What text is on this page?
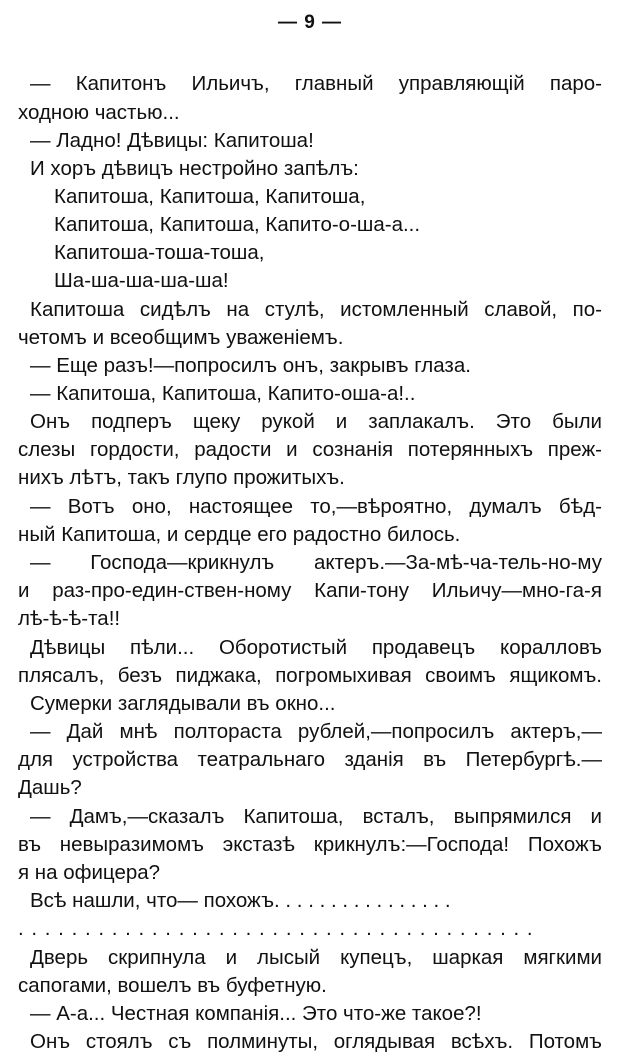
— 9 —
— Капитонъ Ильичъ, главный управляющій паро-
ходною частью...
— Ладно! Дѣвицы: Капитоша!
И хоръ дѣвицъ нестройно запѣлъ:
Капитоша, Капитоша, Капитоша,
Капитоша, Капитоша, Капито-о-ша-а...
Капитоша-тоша-тоша,
Ша-ша-ша-ша-ша!
Капитоша сидѣлъ на стулѣ, истомленный славой, по-
четомъ и всеобщимъ уваженіемъ.
— Еще разъ!—попросилъ онъ, закрывъ глаза.
— Капитоша, Капитоша, Капито-оша-а!..
Онъ подперъ щеку рукой и заплакалъ. Это были
слезы гордости, радости и сознанія потерянныхъ преж-
нихъ лѣтъ, такъ глупо прожитыхъ.
— Вотъ оно, настоящее то,—вѣроятно, думалъ бѣд-
ный Капитоша, и сердце его радостно билось.
— Господа—крикнулъ актеръ.—За-мѣ-ча-тель-но-му
и раз-про-един-ствен-ному Капи-тону Ильичу—мно-га-я
лѣ-ѣ-ѣ-та!!
Дѣвицы пѣли... Оборотистый продавецъ коралловъ
плясалъ, безъ пиджака, погромыхивая своимъ ящикомъ.
Сумерки заглядывали въ окно...
— Дай мнѣ полтораста рублей,—попросилъ актеръ,—
для устройства театральнаго зданія въ Петербургѣ.—
Дашь?
— Дамъ,—сказалъ Капитоша, всталъ, выпрямился и
въ невыразимомъ экстазѣ крикнулъ:—Господа! Похожъ
я на офицера?
Всѣ нашли, что— похожъ. . . . . . . . . . . . . . . .
. . . . . . . . . . . . . . . . . . . . . . . . . . . . . . . . . . . . . . .
Дверь скрипнула и лысый купецъ, шаркая мягкими
сапогами, вошелъ въ буфетную.
— А-а... Честная компанія... Это что-же такое?!
Онъ стоялъ съ полминуты, оглядывая всѣхъ. Потомъ
